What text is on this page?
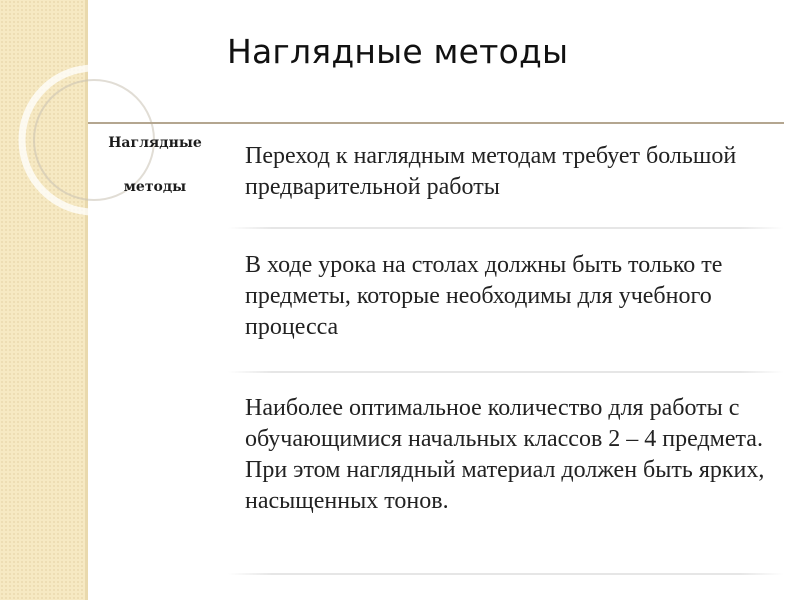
Наглядные методы
Наглядные
методы
Переход к наглядным методам требует большой предварительной работы
В ходе урока на столах должны быть только те предметы, которые необходимы для учебного процесса
Наиболее оптимальное количество для работы с обучающимися начальных классов 2 – 4 предмета. При этом наглядный материал должен быть ярких, насыщенных тонов.
